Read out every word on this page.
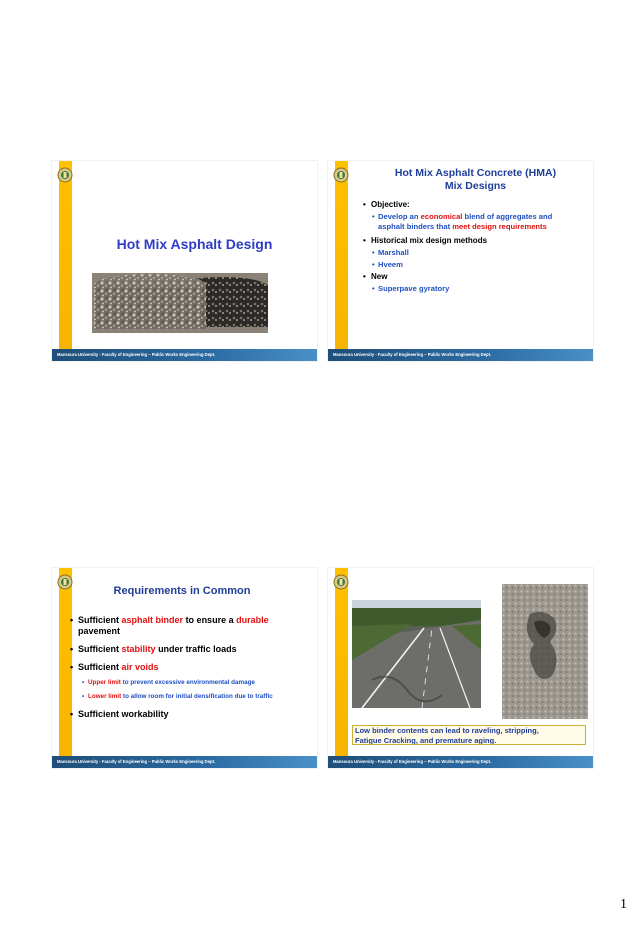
Hot Mix Asphalt Design
Mansoura University - Faculty of Engineering – Public Works Engineering Dept.
Hot Mix Asphalt Concrete (HMA)
Mix Designs
• Objective:
• Develop an economical blend of aggregates and
asphalt binders that meet design requirements
• Historical mix design methods
• Marshall
• Hveem
• New
• Superpave gyratory
Mansoura University - Faculty of Engineering – Public Works Engineering Dept.
Requirements in Common
• Sufficient asphalt binder to ensure a durable
pavement
• Sufficient stability under traffic loads
• Sufficient air voids
• Upper limit to prevent excessive environmental damage
• Lower limit to allow room for initial densification due to traffic
• Sufficient workability
Mansoura University - Faculty of Engineering – Public Works Engineering Dept.
Low binder contents can lead to raveling, stripping,
Fatigue Cracking, and premature aging.
Mansoura University - Faculty of Engineering – Public Works Engineering Dept.
1
